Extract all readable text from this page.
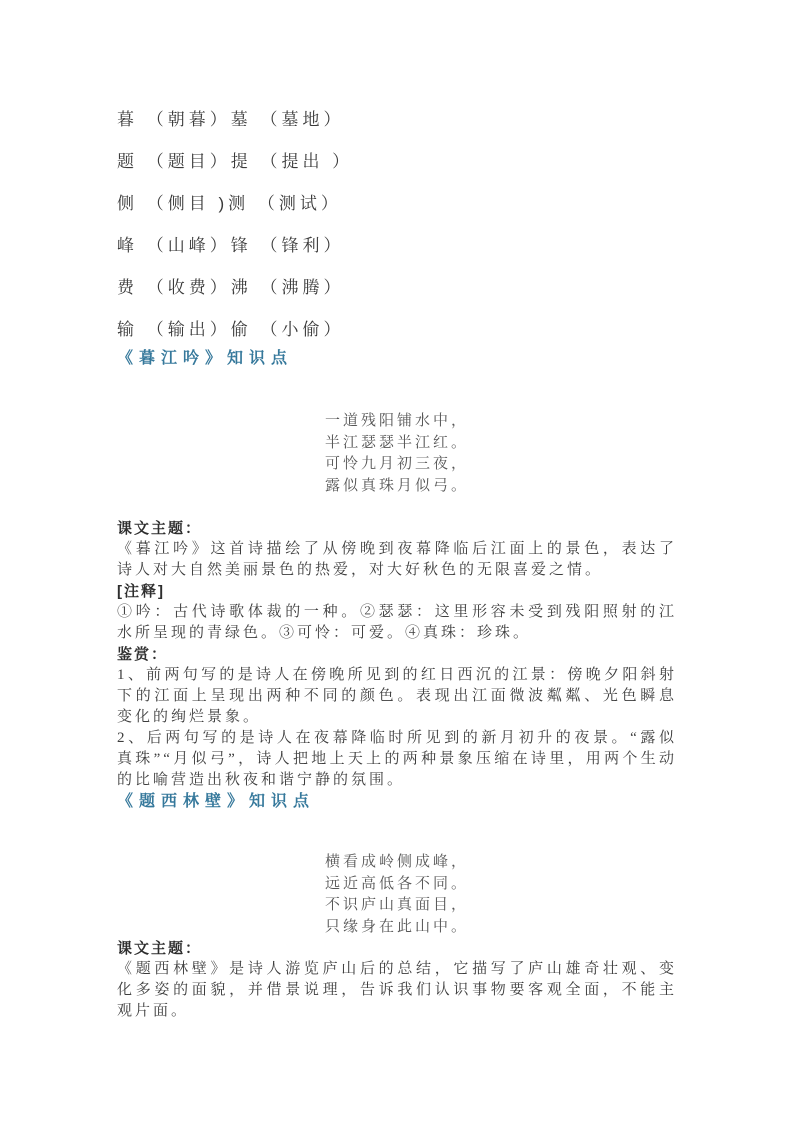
暮 （朝暮）墓 （墓地）
题 （题目）提 （提出 ）
侧 （侧目 )测 （测试）
峰 （山峰）锋 （锋利）
费 （收费）沸 （沸腾）
输 （输出）偷 （小偷）
《暮江吟》知识点
一道残阳铺水中，
半江瑟瑟半江红。
可怜九月初三夜，
露似真珠月似弓。
课文主题：
《暮江吟》这首诗描绘了从傍晚到夜幕降临后江面上的景色，表达了
诗人对大自然美丽景色的热爱，对大好秋色的无限喜爱之情。
[注释]
①吟：古代诗歌体裁的一种。②瑟瑟：这里形容未受到残阳照射的江
水所呈现的青绿色。③可怜：可爱。④真珠：珍珠。
鉴赏：
1、前两句写的是诗人在傍晚所见到的红日西沉的江景：傍晚夕阳斜射
下的江面上呈现出两种不同的颜色。表现出江面微波粼粼、光色瞬息
变化的绚烂景象。
2、后两句写的是诗人在夜幕降临时所见到的新月初升的夜景。“露似
真珠”“月似弓”，诗人把地上天上的两种景象压缩在诗里，用两个生动
的比喻营造出秋夜和谐宁静的氛围。
《题西林壁》知识点
横看成岭侧成峰，
远近高低各不同。
不识庐山真面目，
只缘身在此山中。
课文主题：
《题西林壁》是诗人游览庐山后的总结，它描写了庐山雄奇壮观、变
化多姿的面貌，并借景说理，告诉我们认识事物要客观全面，不能主
观片面。
